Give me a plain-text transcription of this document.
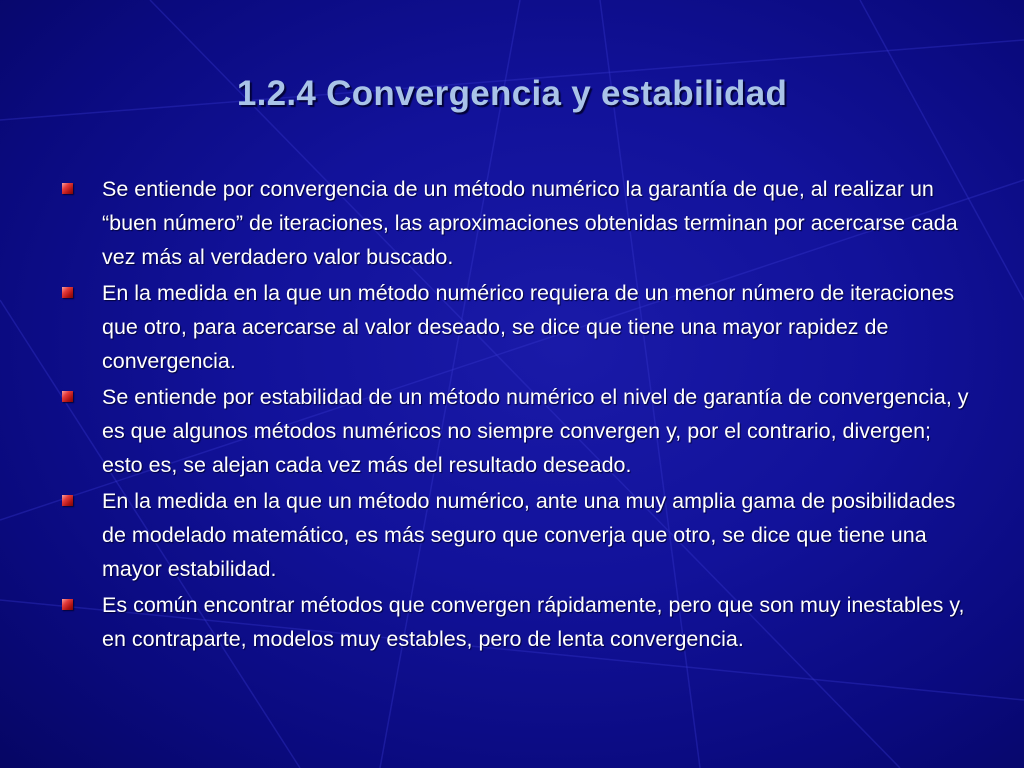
1.2.4 Convergencia y estabilidad
Se entiende por convergencia de un método numérico la garantía de que, al realizar un “buen número” de iteraciones, las aproximaciones obtenidas terminan por acercarse cada vez más al verdadero valor buscado.
En la medida en la que un método numérico requiera de un menor número de iteraciones que otro, para acercarse al valor deseado, se dice que tiene una mayor rapidez de convergencia.
Se entiende por estabilidad de un método numérico el nivel de garantía de convergencia, y es que algunos métodos numéricos no siempre convergen y, por el contrario, divergen; esto es, se alejan cada vez más del resultado deseado.
En la medida en la que un método numérico, ante una muy amplia gama de posibilidades de modelado matemático, es más seguro que converja que otro, se dice que tiene una mayor estabilidad.
Es común encontrar métodos que convergen rápidamente, pero que son muy inestables y, en contraparte, modelos muy estables, pero de lenta convergencia.
